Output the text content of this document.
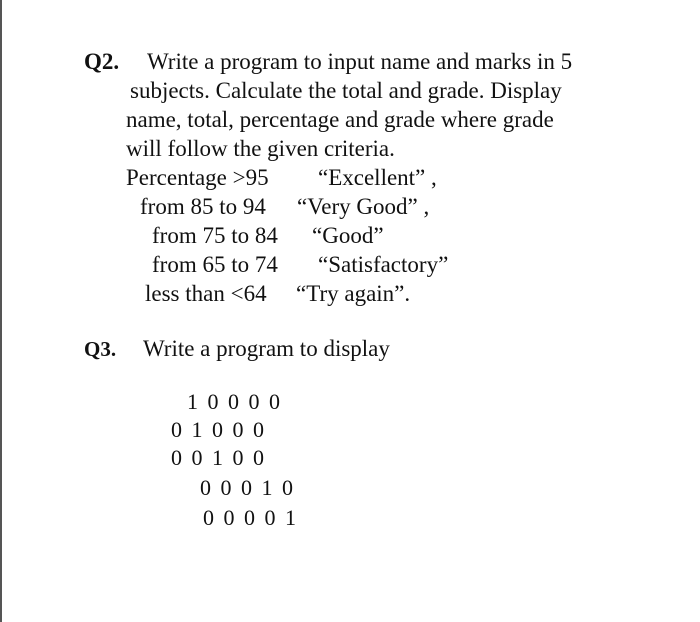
Q2. Write a program to input name and marks in 5
subjects. Calculate the total and grade. Display
name, total, percentage and grade where grade
will follow the given criteria.
Percentage >95 “Excellent” ,
from 85 to 94 “Very Good” ,
from 75 to 84 “Good”
from 65 to 74 “Satisfactory”
less than <64 “Try again”.
Q3. Write a program to display
1 0 0 0 0
0 1 0 0 0
0 0 1 0 0
0 0 0 1 0
0 0 0 0 1
